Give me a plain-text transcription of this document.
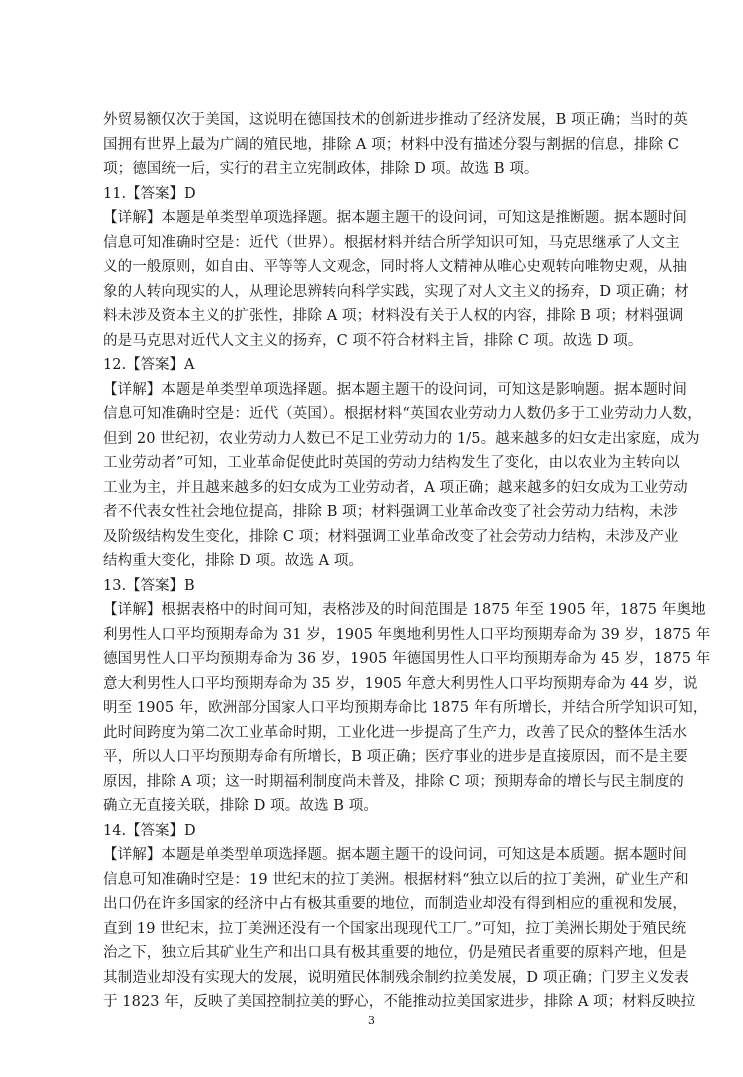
外贸易额仅次于美国，这说明在德国技术的创新进步推动了经济发展，B 项正确；当时的英
国拥有世界上最为广阔的殖民地，排除 A 项；材料中没有描述分裂与割据的信息，排除 C
项；德国统一后，实行的君主立宪制政体，排除 D 项。故选 B 项。

11.【答案】D

【详解】本题是单类型单项选择题。据本题主题干的设问词，可知这是推断题。据本题时间
信息可知准确时空是：近代（世界）。根据材料并结合所学知识可知，马克思继承了人文主
义的一般原则，如自由、平等等人文观念，同时将人文精神从唯心史观转向唯物史观，从抽
象的人转向现实的人，从理论思辨转向科学实践，实现了对人文主义的扬弃，D 项正确；材
料未涉及资本主义的扩张性，排除 A 项；材料没有关于人权的内容，排除 B 项；材料强调
的是马克思对近代人文主义的扬弃，C 项不符合材料主旨，排除 C 项。故选 D 项。

12.【答案】A

【详解】本题是单类型单项选择题。据本题主题干的设问词，可知这是影响题。据本题时间
信息可知准确时空是：近代（英国）。根据材料“英国农业劳动力人数仍多于工业劳动力人数，
但到 20 世纪初，农业劳动力人数已不足工业劳动力的 1/5。越来越多的妇女走出家庭，成为
工业劳动者”可知，工业革命促使此时英国的劳动力结构发生了变化，由以农业为主转向以
工业为主，并且越来越多的妇女成为工业劳动者，A 项正确；越来越多的妇女成为工业劳动
者不代表女性社会地位提高，排除 B 项；材料强调工业革命改变了社会劳动力结构，未涉
及阶级结构发生变化，排除 C 项；材料强调工业革命改变了社会劳动力结构，未涉及产业
结构重大变化，排除 D 项。故选 A 项。

13.【答案】B

【详解】根据表格中的时间可知，表格涉及的时间范围是 1875 年至 1905 年，1875 年奥地
利男性人口平均预期寿命为 31 岁，1905 年奥地利男性人口平均预期寿命为 39 岁，1875 年
德国男性人口平均预期寿命为 36 岁，1905 年德国男性人口平均预期寿命为 45 岁，1875 年
意大利男性人口平均预期寿命为 35 岁，1905 年意大利男性人口平均预期寿命为 44 岁，说
明至 1905 年，欧洲部分国家人口平均预期寿命比 1875 年有所增长，并结合所学知识可知，
此时间跨度为第二次工业革命时期，工业化进一步提高了生产力，改善了民众的整体生活水
平，所以人口平均预期寿命有所增长，B 项正确；医疗事业的进步是直接原因，而不是主要
原因，排除 A 项；这一时期福利制度尚未普及，排除 C 项；预期寿命的增长与民主制度的
确立无直接关联，排除 D 项。故选 B 项。

14.【答案】D

【详解】本题是单类型单项选择题。据本题主题干的设问词，可知这是本质题。据本题时间
信息可知准确时空是：19 世纪末的拉丁美洲。根据材料“独立以后的拉丁美洲，矿业生产和
出口仍在许多国家的经济中占有极其重要的地位，而制造业却没有得到相应的重视和发展，
直到 19 世纪末，拉丁美洲还没有一个国家出现现代工厂。”可知，拉丁美洲长期处于殖民统
治之下，独立后其矿业生产和出口具有极其重要的地位，仍是殖民者重要的原料产地，但是
其制造业却没有实现大的发展，说明殖民体制残余制约拉美发展，D 项正确；门罗主义发表
于 1823 年，反映了美国控制拉美的野心，不能推动拉美国家进步，排除 A 项；材料反映拉

3
